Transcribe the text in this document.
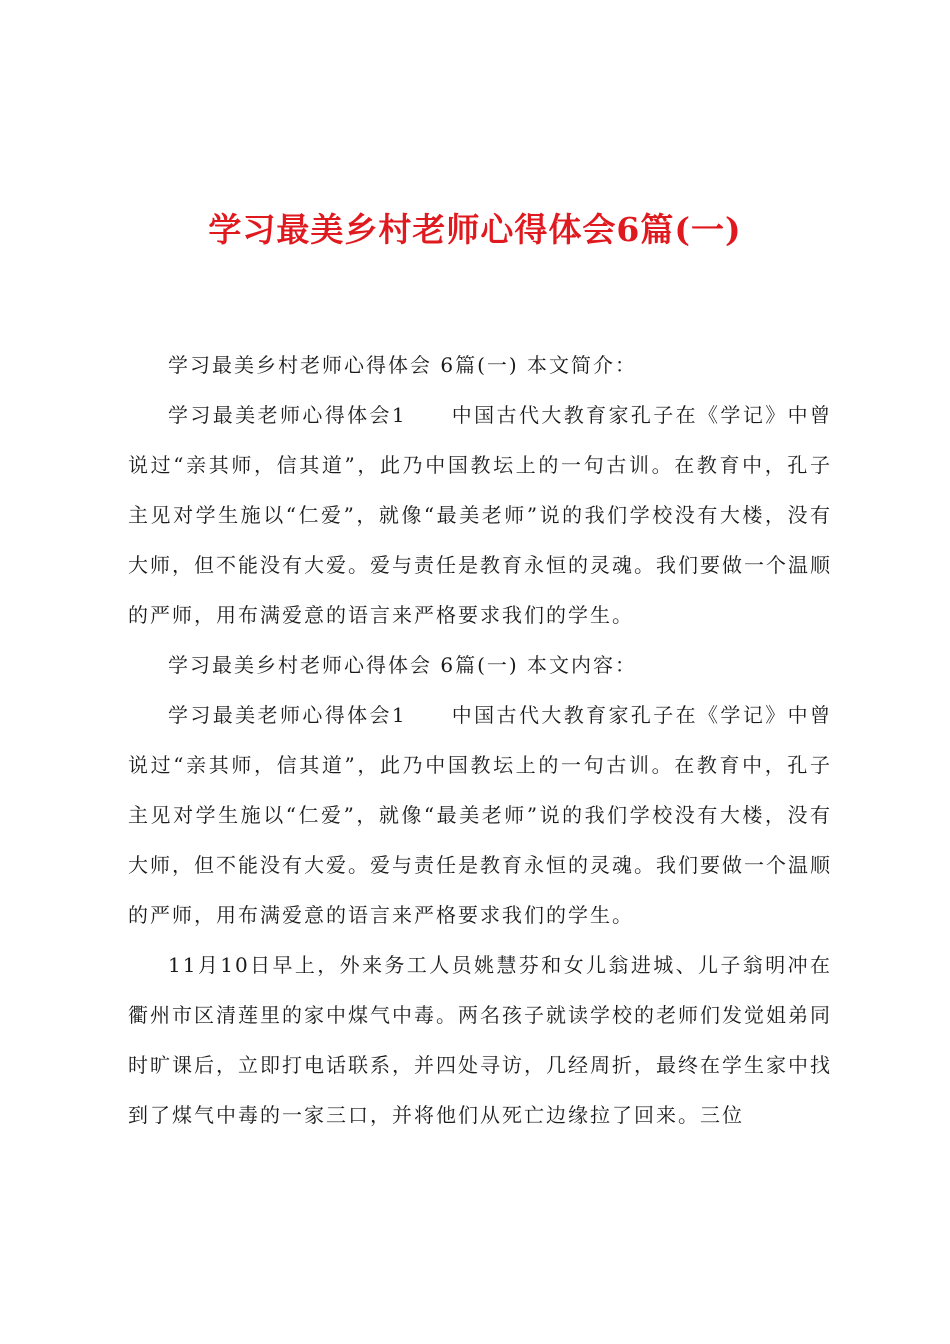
学习最美乡村老师心得体会6篇(一)

学习最美乡村老师心得体会 6篇(一) 本文简介：

学习最美老师心得体会1　　中国古代大教育家孔子在《学记》中曾说过“亲其师，信其道”，此乃中国教坛上的一句古训。在教育中，孔子主见对学生施以“仁爱”，就像“最美老师”说的我们学校没有大楼，没有大师，但不能没有大爱。爱与责任是教育永恒的灵魂。我们要做一个温顺的严师，用布满爱意的语言来严格要求我们的学生。

学习最美乡村老师心得体会 6篇(一) 本文内容：

学习最美老师心得体会1　　中国古代大教育家孔子在《学记》中曾说过“亲其师，信其道”，此乃中国教坛上的一句古训。在教育中，孔子主见对学生施以“仁爱”，就像“最美老师”说的我们学校没有大楼，没有大师，但不能没有大爱。爱与责任是教育永恒的灵魂。我们要做一个温顺的严师，用布满爱意的语言来严格要求我们的学生。

11月10日早上，外来务工人员姚慧芬和女儿翁进城、儿子翁明冲在衢州市区清莲里的家中煤气中毒。两名孩子就读学校的老师们发觉姐弟同时旷课后，立即打电话联系，并四处寻访，几经周折，最终在学生家中找到了煤气中毒的一家三口，并将他们从死亡边缘拉了回来。三位
